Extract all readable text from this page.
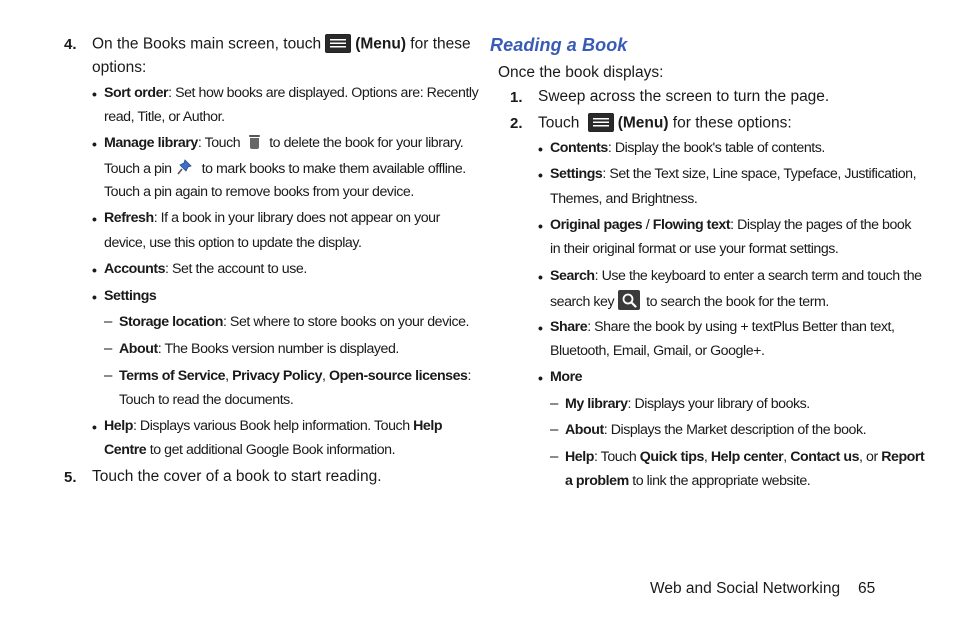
4. On the Books main screen, touch (Menu) for these
options:
• Sort order: Set how books are displayed. Options are: Recently
read, Title, or Author.
• Manage library: Touch to delete the book for your library.
Touch a pin to mark books to make them available offline.
Touch a pin again to remove books from your device.
• Refresh: If a book in your library does not appear on your
device, use this option to update the display.
• Accounts: Set the account to use.
• Settings
– Storage location: Set where to store books on your device.
– About: The Books version number is displayed.
– Terms of Service, Privacy Policy, Open-source licenses:
Touch to read the documents.
• Help: Displays various Book help information. Touch Help
Centre to get additional Google Book information.
5. Touch the cover of a book to start reading.
Reading a Book
Once the book displays:
1. Sweep across the screen to turn the page.
2. Touch (Menu) for these options:
• Contents: Display the book's table of contents.
• Settings: Set the Text size, Line space, Typeface, Justification,
Themes, and Brightness.
• Original pages / Flowing text: Display the pages of the book
in their original format or use your format settings.
• Search: Use the keyboard to enter a search term and touch the
search key to search the book for the term.
• Share: Share the book by using + textPlus Better than text,
Bluetooth, Email, Gmail, or Google+.
• More
– My library: Displays your library of books.
– About: Displays the Market description of the book.
– Help: Touch Quick tips, Help center, Contact us, or Report
a problem to link the appropriate website.
Web and Social Networking 65
